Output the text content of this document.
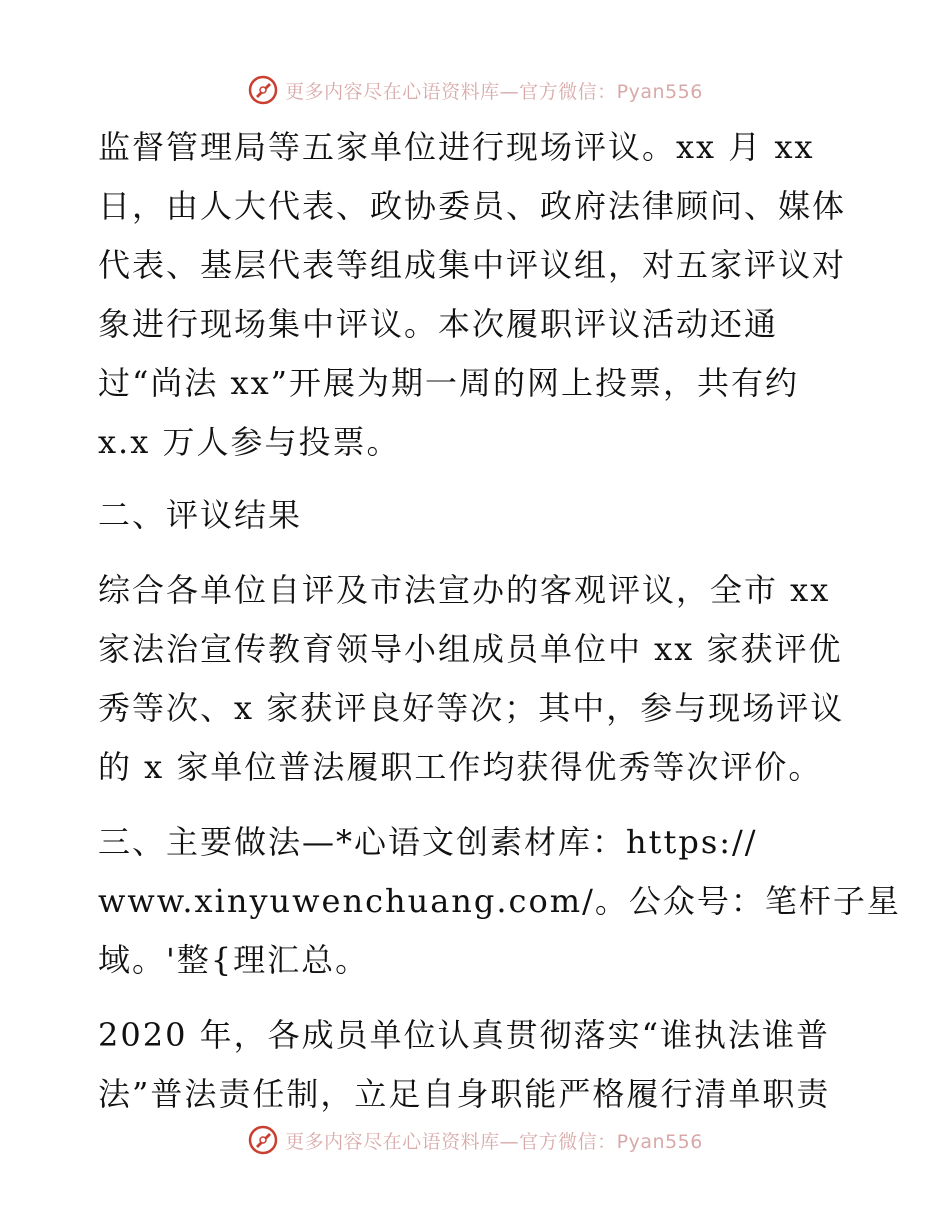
更多内容尽在心语资料库—官方微信：Pyan556
监督管理局等五家单位进行现场评议。xx 月 xx
日，由人大代表、政协委员、政府法律顾问、媒体
代表、基层代表等组成集中评议组，对五家评议对
象进行现场集中评议。本次履职评议活动还通
过“尚法 xx”开展为期一周的网上投票，共有约
x.x 万人参与投票。
二、评议结果
综合各单位自评及市法宣办的客观评议，全市 xx
家法治宣传教育领导小组成员单位中 xx 家获评优
秀等次、x 家获评良好等次；其中，参与现场评议
的 x 家单位普法履职工作均获得优秀等次评价。
三、主要做法—*心语文创素材库：https://
www.xinyuwenchuang.com/。公众号：笔杆子星
域。'整{理汇总。
2020 年，各成员单位认真贯彻落实“谁执法谁普
法”普法责任制，立足自身职能严格履行清单职责
更多内容尽在心语资料库—官方微信：Pyan556
